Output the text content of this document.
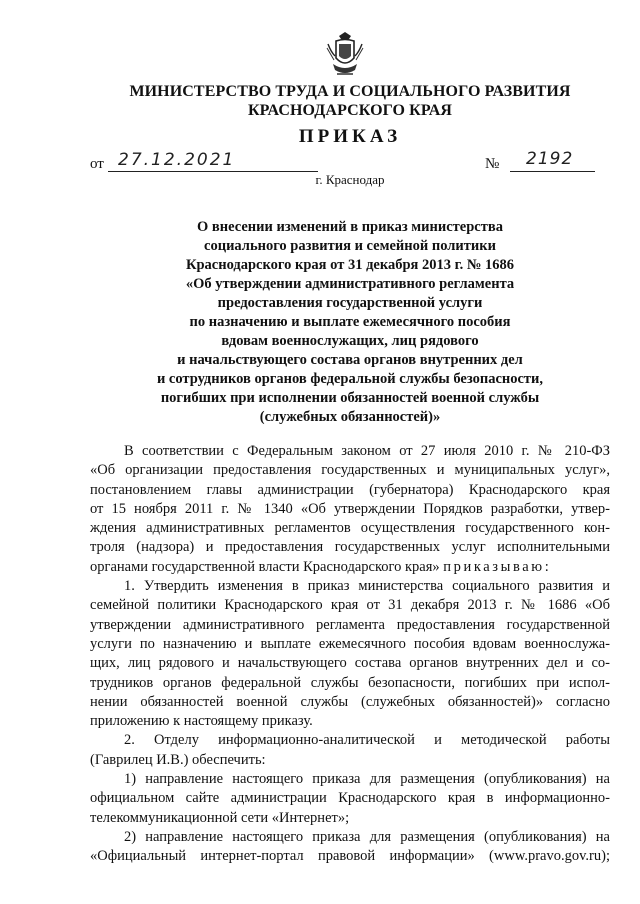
МИНИСТЕРСТВО ТРУДА И СОЦИАЛЬНОГО РАЗВИТИЯ
КРАСНОДАРСКОГО КРАЯ
ПРИКАЗ
от 27.12.2021	№ 2192
г. Краснодар
О внесении изменений в приказ министерства
социального развития и семейной политики
Краснодарского края от 31 декабря 2013 г. № 1686
«Об утверждении административного регламента
предоставления государственной услуги
по назначению и выплате ежемесячного пособия
вдовам военнослужащих, лиц рядового
и начальствующего состава органов внутренних дел
и сотрудников органов федеральной службы безопасности,
погибших при исполнении обязанностей военной службы
(служебных обязанностей)»
В соответствии с Федеральным законом от 27 июля 2010 г. № 210-ФЗ
«Об организации предоставления государственных и муниципальных услуг»,
постановлением главы администрации (губернатора) Краснодарского края
от 15 ноября 2011 г. № 1340 «Об утверждении Порядков разработки, утвер-
ждения административных регламентов осуществления государственного кон-
троля (надзора) и предоставления государственных услуг исполнительными
органами государственной власти Краснодарского края» приказываю:
1. Утвердить изменения в приказ министерства социального развития и
семейной политики Краснодарского края от 31 декабря 2013 г. № 1686 «Об
утверждении административного регламента предоставления государственной
услуги по назначению и выплате ежемесячного пособия вдовам военнослужа-
щих, лиц рядового и начальствующего состава органов внутренних дел и со-
трудников органов федеральной службы безопасности, погибших при испол-
нении обязанностей военной службы (служебных обязанностей)» согласно
приложению к настоящему приказу.
2. Отделу информационно-аналитической и методической работы
(Гаврилец И.В.) обеспечить:
1) направление настоящего приказа для размещения (опубликования) на
официальном сайте администрации Краснодарского края в информационно-
телекоммуникационной сети «Интернет»;
2) направление настоящего приказа для размещения (опубликования) на
«Официальный интернет-портал правовой информации» (www.pravo.gov.ru);
